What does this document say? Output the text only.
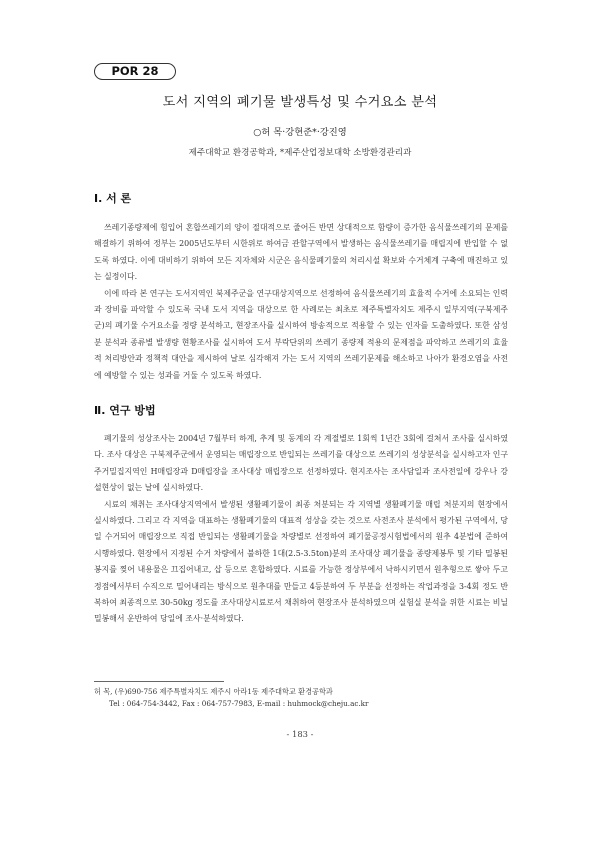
POR 28
도서 지역의 폐기물 발생특성 및 수거요소 분석
○허 목·강현준*·강진영
제주대학교 환경공학과, *제주산업정보대학 소방환경관리과
Ⅰ. 서 론

쓰레기종량제에 힘입어 혼합쓰레기의 양이 절대적으로 줄어든 반면 상대적으로 함량이 증가한 음식물쓰레기의 문제를 해결하기 위하여 정부는 2005년도부터 시한위로 하여금 관할구역에서 발생하는 음식물쓰레기를 매립지에 반입할 수 없도록 하였다. 이에 대비하기 위하여 모든 지자체와 시군은 음식물폐기물의 처리시설 확보와 수거체계 구축에 매진하고 있는 실정이다.

이에 따라 본 연구는 도서지역인 북제주군을 연구대상지역으로 선정하여 음식물쓰레기의 효율적 수거에 소요되는 인력과 장비를 파악할 수 있도록 국내 도서 지역을 대상으로 한 사례로는 최초로 제주특별자치도 제주시 일부지역(구북제주군)의 폐기물 수거요소를 정량 분석하고, 현장조사를 실시하여 방송적으로 적용할 수 있는 인자를 도출하였다. 또한 삼성분 분석과 종류별 발생량 현황조사를 실시하여 도서 부락단위의 쓰레기 종량제 적용의 문제점을 파악하고 쓰레기의 효율적 처리방안과 정책적 대안을 제시하여 날로 심각해져 가는 도서 지역의 쓰레기문제를 해소하고 나아가 환경오염을 사전에 예방할 수 있는 성과를 거둘 수 있도록 하였다.

Ⅱ. 연구 방법

폐기물의 성상조사는 2004년 7월부터 하계, 추계 및 동계의 각 계절별로 1회씩 1년간 3회에 걸쳐서 조사를 실시하였다. 조사 대상은 구북제주군에서 운영되는 매립장으로 반입되는 쓰레기를 대상으로 쓰레기의 성상분석을 실시하고자 인구주거밀집지역인 H매립장과 D매립장을 조사대상 매립장으로 선정하였다. 현지조사는 조사담일과 조사전일에 강우나 강설현상이 없는 날에 실시하였다.

시료의 채취는 조사대상지역에서 발생된 생활폐기물이 최종 처분되는 각 지역별 생활폐기물 매립 처분지의 현장에서 실시하였다. 그리고 각 지역을 대표하는 생활폐기물의 대표적 성상을 갖는 것으로 사전조사 분석에서 평가된 구역에서, 당일 수거되어 매립장으로 직접 반입되는 생활폐기물을 차량별로 선정하여 폐기물공정시험법에서의 원추 4분법에 준하여 시행하였다. 현장에서 지정된 수거 차량에서 불하한 1대(2.5-3.5ton)분의 조사대상 폐기물을 종량제봉투 및 기타 밀봉된 봉지를 찢어 내용물은 끄집어내고, 삽 등으로 혼합하였다. 시료를 가능한 정상부에서 낙하시키면서 원추형으로 쌓아 두고 정점에서부터 수직으로 밀어내리는 방식으로 원추대를 만들고 4등분하여 두 부분을 선정하는 작업과정을 3-4회 정도 반복하여 최종적으로 30-50kg 정도를 조사대상시료로서 채취하여 현장조사 분석하였으며 실험실 분석을 위한 시료는 비닐밀봉해서 운반하여 당일에 조사·분석하였다.

허 목, (우)690-756 제주특별자치도 제주시 아라1동 제주대학교 환경공학과
Tel : 064-754-3442, Fax : 064-757-7983, E-mail : huhmock@cheju.ac.kr
- 183 -
